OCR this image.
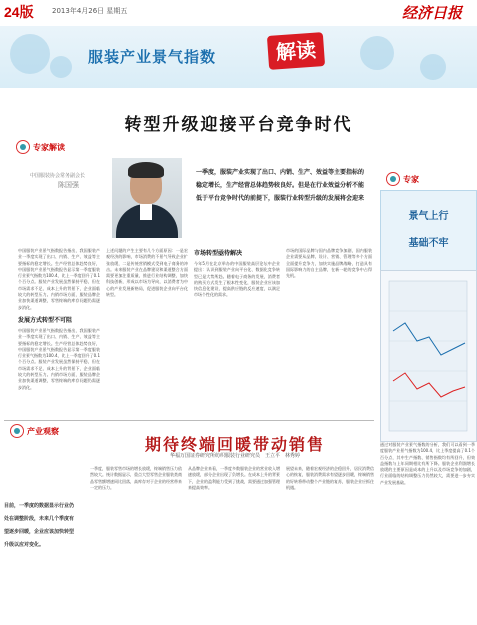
24版	2013年4月26日 星期五	经济日报
服装产业景气指数	解读
转型升级迎接平台竞争时代
专家解读
中国服装协会常务副会长
陈国强
一季度，服装产业实现了出口、内销、生产、效益等主要指标的稳定增长，生产经营总体趋势较良好。但是在行业效益分析不能低于平台竞争时代的前提下，服装行业转型升级的发展将会迎来
中国服装产业景气指数报告指出，我国服装产业一季度实现了出口、内销、生产、效益等主要指标的稳定增长。生产经营总体趋势良好，中国服装产业景气指数报告显示第一季度服装行业景气指数为100.4，比上一季度回升了0.1个百分点。服装产业发展虽然保持平稳，但在市场需求不足、成本上升的背景下，企业面临较大的转型压力。内销市场方面，服装品牌企业加快渠道调整，零售终端的库存问题仍需逐步消化。
发展方式转型不可阻
中国服装产业景气指数报告指出，我国服装产业一季度实现了出口、内销、生产、效益等主要指标的稳定增长。生产经营总体趋势良好，中国服装产业景气指数报告显示第一季度服装行业景气指数为100.4，比上一季度回升了0.1个百分点。服装产业发展虽然保持平稳，但在市场需求不足、成本上升的背景下，企业面临较大的转型压力。内销市场方面，服装品牌企业加快渠道调整，零售终端的库存问题仍需逐步消化。
上述问题的产生主要有几个方面原因：一是宏观经济的影响，市场消费的不景气导致企业扩张放缓，二是传统营销模式受到电子商务的冲击。未来服装产业在品牌建设和渠道整合方面需要更加注重质量，推进行业结构调整，加快科技创新，形成以市场为导向，以消费者为中心的产业发展新格局，促进服装企业向平台化转型。
市场转型亟待解决
今年5月在北京举办的中国服装高层论坛中企业提出：认识到服装产业向平台化、数据化竞争转型已是大势所趋。随着电子商务的发展，消费者的购买方式发生了根本性变化，服装企业应该加快信息化建设，提高供应链的反应速度，以满足市场个性化的需求。
市场的国际品牌与国内品牌竞争加剧，国内服装企业需要从品牌、设计、营销、管理等多个方面全面提升竞争力，加快实施品牌战略，打造具有国际影响力的自主品牌，在新一轮的竞争中占得先机。
专家
景气上行
基础不牢
通过对服装产业景气指数的分析，我们可以看到一季度服装产业景气指数为100.4，比上季度提高了0.1个百分点，其中生产指数、销售指数均有所回升，但效益指数与上年同期相比有所下降。服装企业利润增长放缓的主要原因是成本的上升以及市场竞争的加剧，行业面临的结构调整压力仍然较大，需要进一步夯实产业发展基础。
产业观察
期待终端回暖带动销售
华福万国证券研究所纺织服装行业研究员　王立平　林秀婷
目前，一季度的数据显示行业仍处在调整阶段，未来几个季度有望逐步回暖，企业应该加快转型升级以应对变化。
一季度，服装零售市场的增长放缓，终端销售压力依然较大。统计数据显示，重点大型零售企业服装类商品零售额增速同比回落，高库存对于企业的经营带来一定的压力。
从品牌企业来看，一季度多数服装企业的营业收入增速放缓，部分企业出现了负增长。在成本上升的背景下，企业的盈利能力受到了挑战，需要通过加强管理来提高效率。
展望未来，随着宏观经济的企稳回升，居民消费信心的恢复，服装消费需求有望逐步回暖，终端销售的好转将带动整个产业链的复苏，服装企业应抓住机遇。
